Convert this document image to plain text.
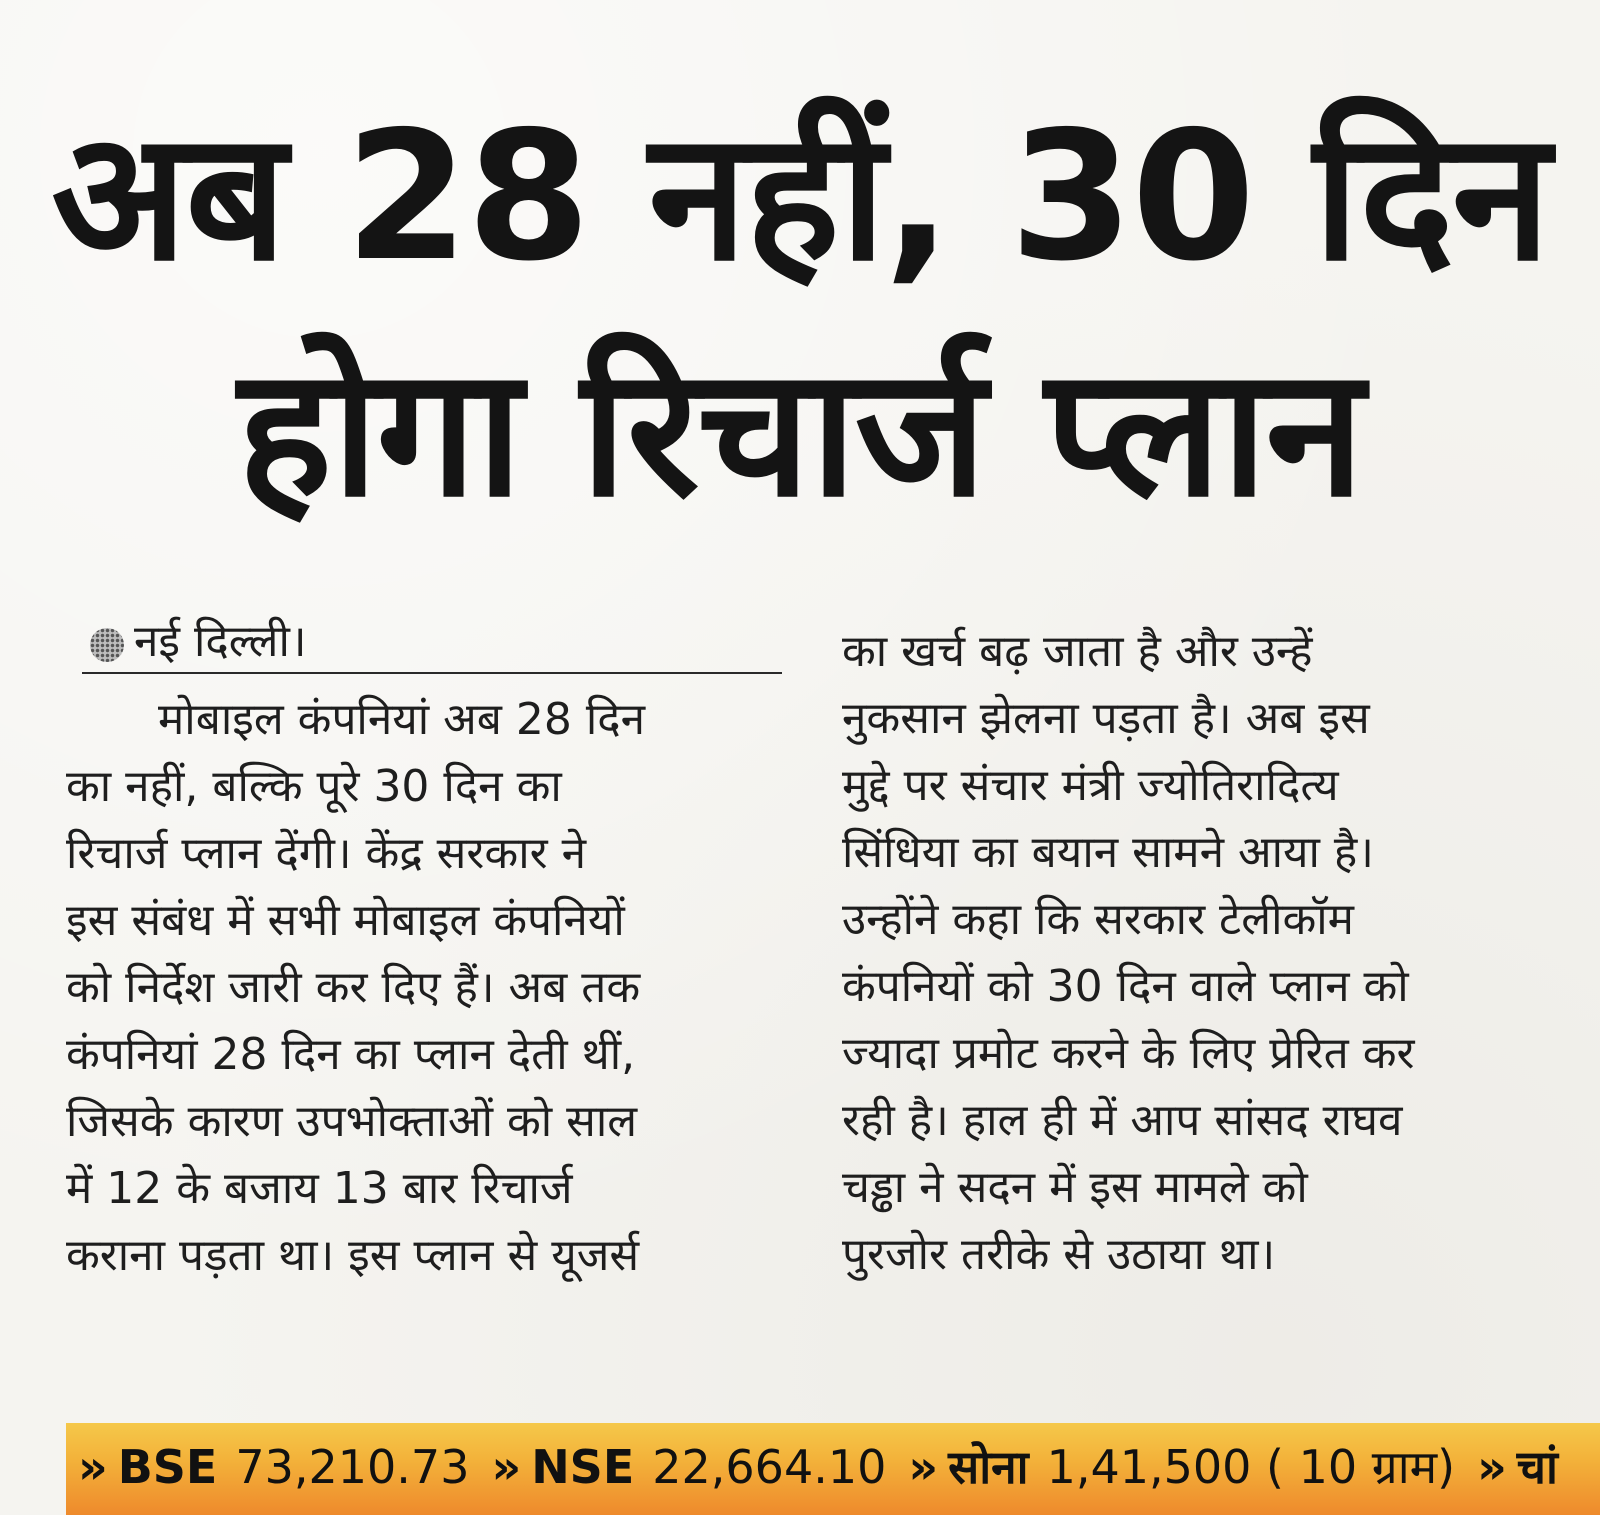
अब 28 नहीं, 30 दिन
होगा रिचार्ज प्लान
नई दिल्ली।
मोबाइल कंपनियां अब 28 दिन
का नहीं, बल्कि पूरे 30 दिन का
रिचार्ज प्लान देंगी। केंद्र सरकार ने
इस संबंध में सभी मोबाइल कंपनियों
को निर्देश जारी कर दिए हैं। अब तक
कंपनियां 28 दिन का प्लान देती थीं,
जिसके कारण उपभोक्ताओं को साल
में 12 के बजाय 13 बार रिचार्ज
कराना पड़ता था। इस प्लान से यूजर्स
का खर्च बढ़ जाता है और उन्हें
नुकसान झेलना पड़ता है। अब इस
मुद्दे पर संचार मंत्री ज्योतिरादित्य
सिंधिया का बयान सामने आया है।
उन्होंने कहा कि सरकार टेलीकॉम
कंपनियों को 30 दिन वाले प्लान को
ज्यादा प्रमोट करने के लिए प्रेरित कर
रही है। हाल ही में आप सांसद राघव
चड्ढा ने सदन में इस मामले को
पुरजोर तरीके से उठाया था।
» BSE 73,210.73 » NSE 22,664.10 » सोना 1,41,500 ( 10 ग्राम) » चां
